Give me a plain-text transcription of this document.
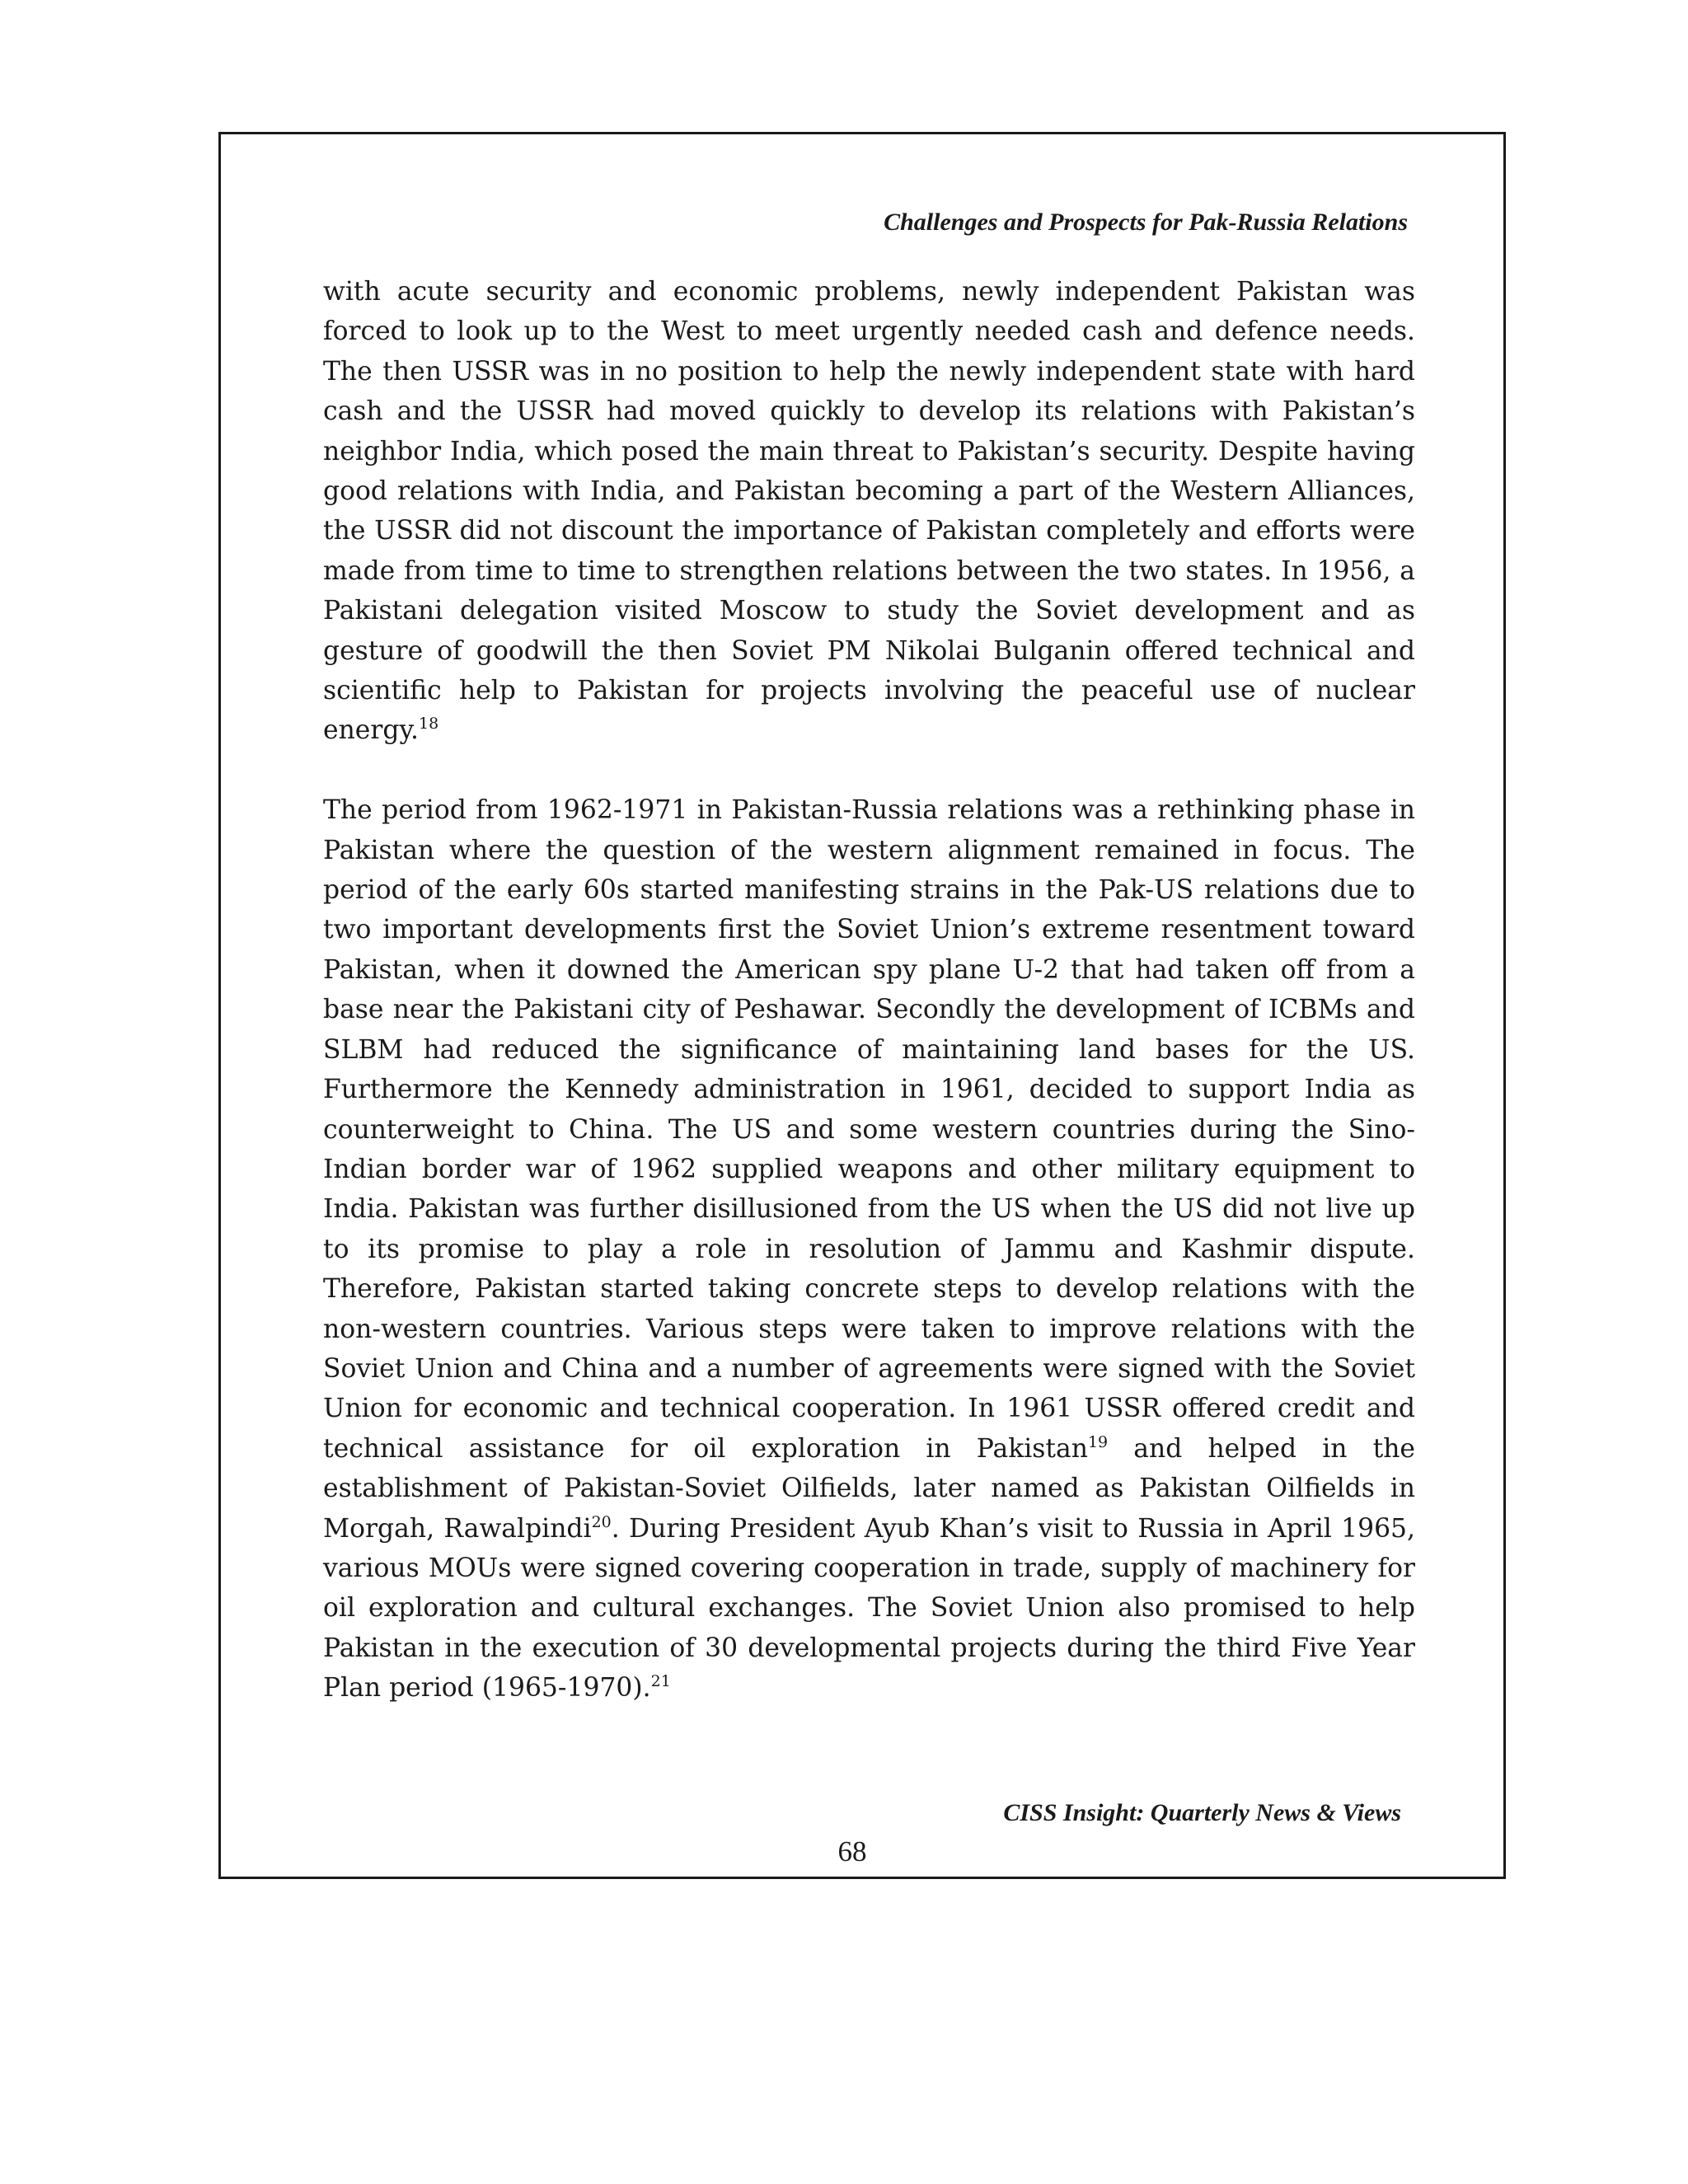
Challenges and Prospects for Pak-Russia Relations

with acute security and economic problems, newly independent Pakistan was forced to look up to the West to meet urgently needed cash and defence needs. The then USSR was in no position to help the newly independent state with hard cash and the USSR had moved quickly to develop its relations with Pakistan’s neighbor India, which posed the main threat to Pakistan’s security. Despite having good relations with India, and Pakistan becoming a part of the Western Alliances, the USSR did not discount the importance of Pakistan completely and efforts were made from time to time to strengthen relations between the two states. In 1956, a Pakistani delegation visited Moscow to study the Soviet development and as gesture of goodwill the then Soviet PM Nikolai Bulganin offered technical and scientific help to Pakistan for projects involving the peaceful use of nuclear energy.$^{18}$

The period from 1962-1971 in Pakistan-Russia relations was a rethinking phase in Pakistan where the question of the western alignment remained in focus. The period of the early 60s started manifesting strains in the Pak-US relations due to two important developments first the Soviet Union’s extreme resentment toward Pakistan, when it downed the American spy plane U-2 that had taken off from a base near the Pakistani city of Peshawar. Secondly the development of ICBMs and SLBM had reduced the significance of maintaining land bases for the US. Furthermore the Kennedy administration in 1961, decided to support India as counterweight to China. The US and some western countries during the Sino-Indian border war of 1962 supplied weapons and other military equipment to India. Pakistan was further disillusioned from the US when the US did not live up to its promise to play a role in resolution of Jammu and Kashmir dispute. Therefore, Pakistan started taking concrete steps to develop relations with the non-western countries. Various steps were taken to improve relations with the Soviet Union and China and a number of agreements were signed with the Soviet Union for economic and technical cooperation. In 1961 USSR offered credit and technical assistance for oil exploration in Pakistan$^{19}$ and helped in the establishment of Pakistan-Soviet Oilfields, later named as Pakistan Oilfields in Morgah, Rawalpindi$^{20}$. During President Ayub Khan’s visit to Russia in April 1965, various MOUs were signed covering cooperation in trade, supply of machinery for oil exploration and cultural exchanges. The Soviet Union also promised to help Pakistan in the execution of 30 developmental projects during the third Five Year Plan period (1965-1970).$^{21}$

CISS Insight: Quarterly News & Views
68
